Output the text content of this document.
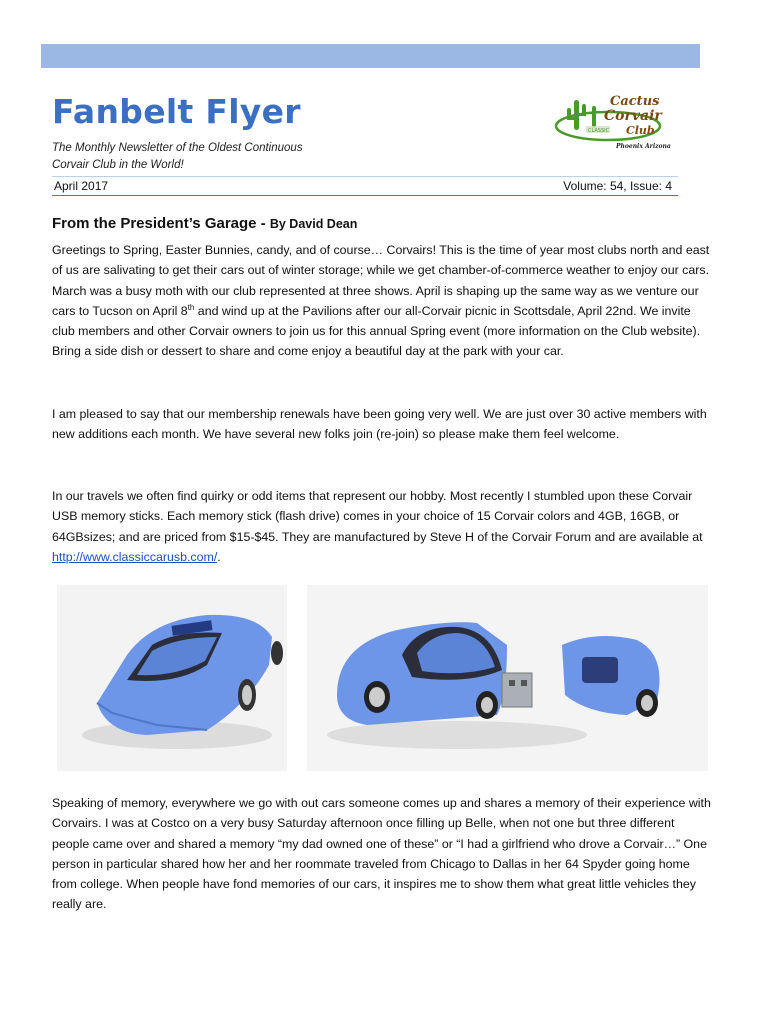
Fanbelt Flyer
The Monthly Newsletter of the Oldest Continuous
Corvair Club in the World!
CLASSIC
Cactus
Corvair
Club
Phoenix Arizona
April 2017	Volume: 54, Issue: 4
From the President’s Garage - By David Dean

Greetings to Spring, Easter Bunnies, candy, and of course… Corvairs! This is the time of year most clubs north and east of us are salivating to get their cars out of winter storage; while we get chamber-of-commerce weather to enjoy our cars. March was a busy moth with our club represented at three shows. April is shaping up the same way as we venture our cars to Tucson on April 8th and wind up at the Pavilions after our all-Corvair picnic in Scottsdale, April 22nd. We invite club members and other Corvair owners to join us for this annual Spring event (more information on the Club website). Bring a side dish or dessert to share and come enjoy a beautiful day at the park with your car.

I am pleased to say that our membership renewals have been going very well. We are just over 30 active members with new additions each month. We have several new folks join (re-join) so please make them feel welcome.

In our travels we often find quirky or odd items that represent our hobby. Most recently I stumbled upon these Corvair USB memory sticks. Each memory stick (flash drive) comes in your choice of 15 Corvair colors and 4GB, 16GB, or 64GBsizes; and are priced from $15-$45. They are manufactured by Steve H of the Corvair Forum and are available at http://www.classiccarusb.com/.

Speaking of memory, everywhere we go with out cars someone comes up and shares a memory of their experience with Corvairs. I was at Costco on a very busy Saturday afternoon once filling up Belle, when not one but three different people came over and shared a memory “my dad owned one of these” or “I had a girlfriend who drove a Corvair…” One person in particular shared how her and her roommate traveled from Chicago to Dallas in her 64 Spyder going home from college. When people have fond memories of our cars, it inspires me to show them what great little vehicles they really are.
